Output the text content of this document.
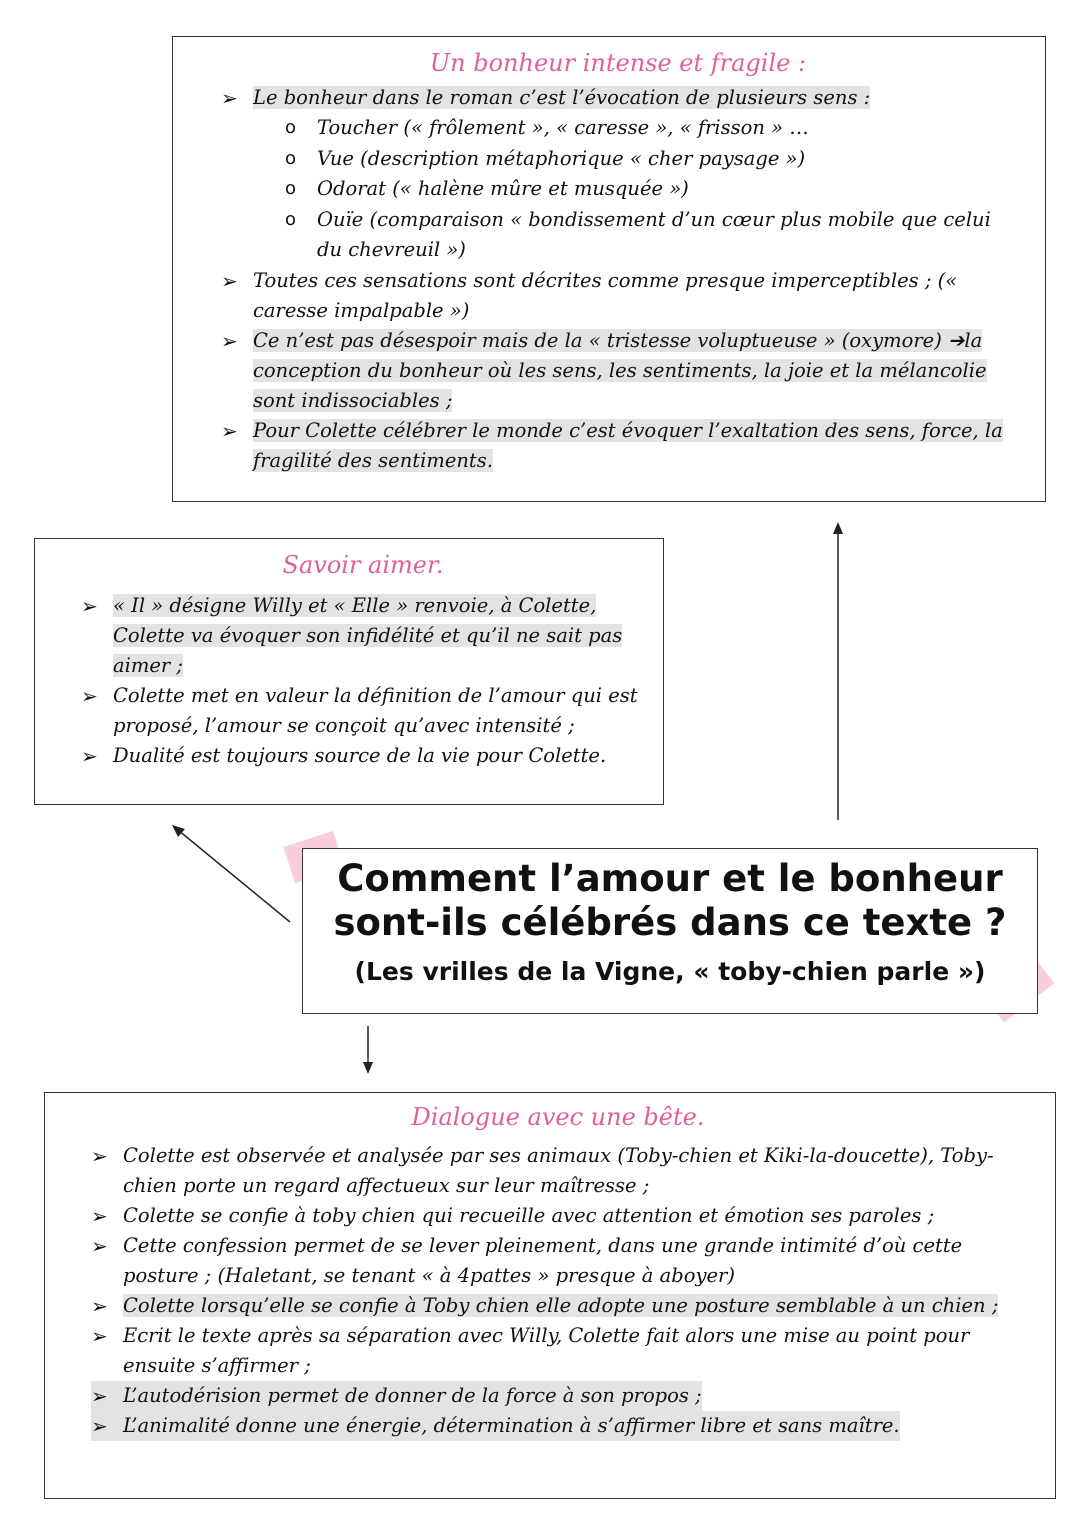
Un bonheur intense et fragile :
➢ Le bonheur dans le roman c’est l’évocation de plusieurs sens :
o Toucher (« frôlement », « caresse », « frisson » …
o Vue (description métaphorique « cher paysage »)
o Odorat (« halène mûre et musquée »)
o Ouïe (comparaison « bondissement d’un cœur plus mobile que celui du chevreuil »)
➢ Toutes ces sensations sont décrites comme presque imperceptibles ; (« caresse impalpable »)
➢ Ce n’est pas désespoir mais de la « tristesse voluptueuse » (oxymore) ➔la conception du bonheur où les sens, les sentiments, la joie et la mélancolie sont indissociables ;
➢ Pour Colette célébrer le monde c’est évoquer l’exaltation des sens, force, la fragilité des sentiments.
Savoir aimer.
➢ « Il » désigne Willy et « Elle » renvoie, à Colette, Colette va évoquer son infidélité et qu’il ne sait pas aimer ;
➢ Colette met en valeur la définition de l’amour qui est proposé, l’amour se conçoit qu’avec intensité ;
➢ Dualité est toujours source de la vie pour Colette.
Comment l’amour et le bonheur
sont-ils célébrés dans ce texte ?
(Les vrilles de la Vigne, « toby-chien parle »)
Dialogue avec une bête.
➢ Colette est observée et analysée par ses animaux (Toby-chien et Kiki-la-doucette), Toby-chien porte un regard affectueux sur leur maîtresse ;
➢ Colette se confie à toby chien qui recueille avec attention et émotion ses paroles ;
➢ Cette confession permet de se lever pleinement, dans une grande intimité d’où cette posture ; (Haletant, se tenant « à 4pattes » presque à aboyer)
➢ Colette lorsqu’elle se confie à Toby chien elle adopte une posture semblable à un chien ;
➢ Ecrit le texte après sa séparation avec Willy, Colette fait alors une mise au point pour ensuite s’affirmer ;
➢ L’autodérision permet de donner de la force à son propos ; ➢ L’animalité donne une énergie, détermination à s’affirmer libre et sans maître.
